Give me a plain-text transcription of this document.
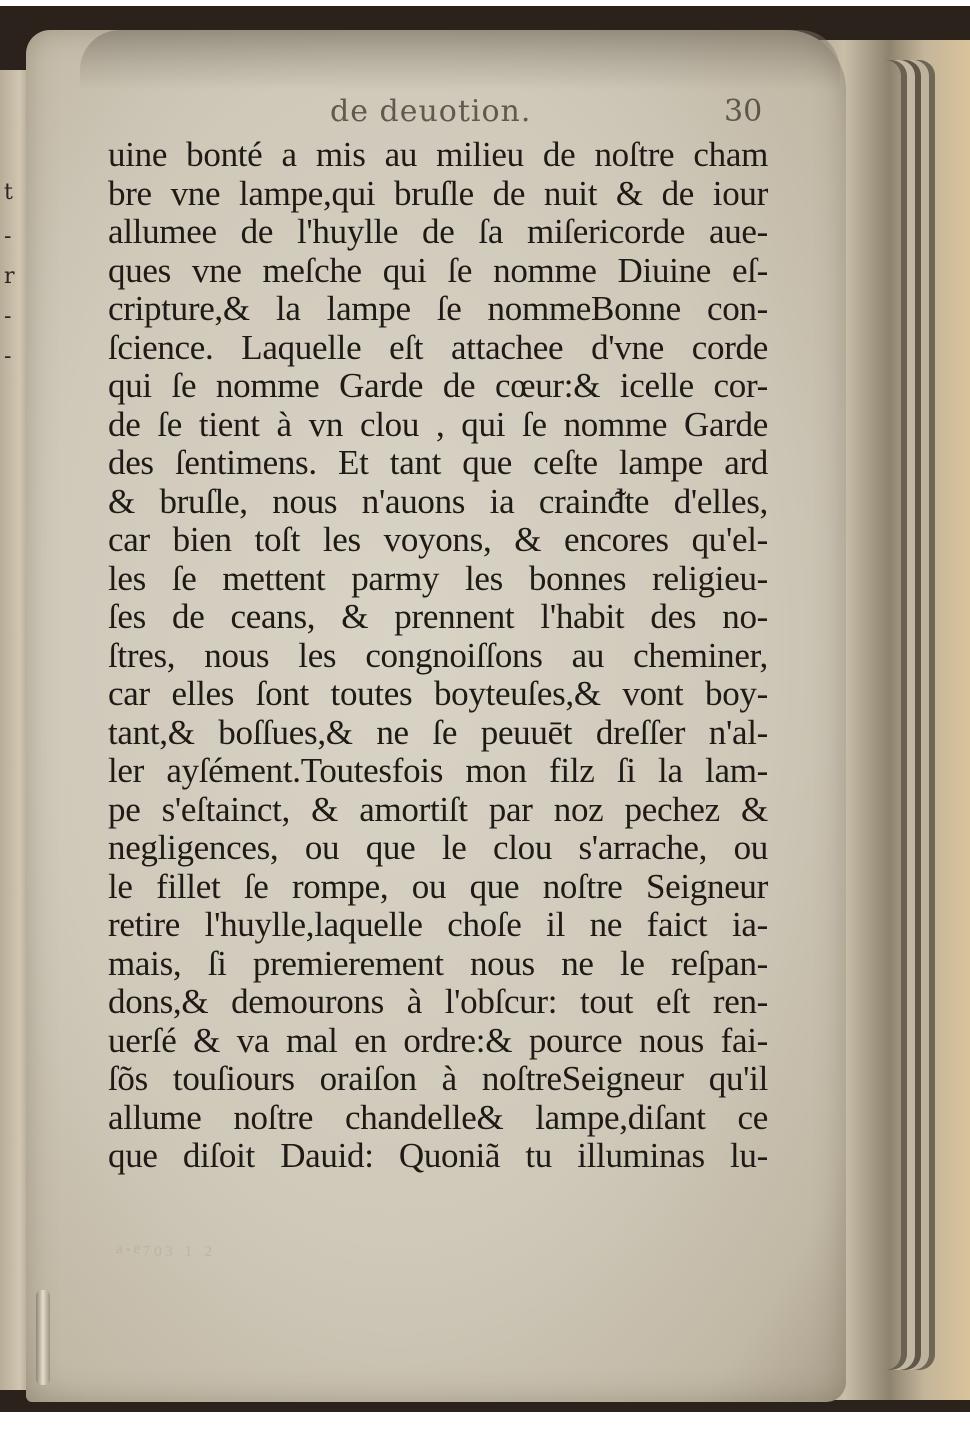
t
-
r
-
-
de deuotion.	30
uine bonté a mis au milieu de noſtre cham
bre vne lampe,qui bruſle de nuit & de iour
allumee de l'huylle de ſa miſericorde aue-
ques vne meſche qui ſe nomme Diuine eſ-
cripture,& la lampe ſe nommeBonne con-
ſcience. Laquelle eſt attachee d'vne corde
qui ſe nomme Garde de cœur:& icelle cor-
de ſe tient à vn clou , qui ſe nomme Garde
des ſentimens. Et tant que ceſte lampe ard
& bruſle, nous n'auons ia crainᵭte d'elles,
car bien toſt les voyons, & encores qu'el-
les ſe mettent parmy les bonnes religieu-
ſes de ceans, & prennent l'habit des no-
ſtres, nous les congnoiſſons au cheminer,
car elles ſont toutes boyteuſes,& vont boy-
tant,& boſſues,& ne ſe peuuēt dreſſer n'al-
ler ayſément.Toutesfois mon filz ſi la lam-
pe s'eſtainct, & amortiſt par noz pechez &
negligences, ou que le clou s'arrache, ou
le fillet ſe rompe, ou que noſtre Seigneur
retire l'huylle,laquelle choſe il ne faict ia-
mais, ſi premierement nous ne le reſpan-
dons,& demourons à l'obſcur: tout eſt ren-
uerſé & va mal en ordre:& pource nous fai-
ſõs touſiours oraiſon à noſtreSeigneur qu'il
allume noſtre chandelle& lampe,diſant ce
que diſoit Dauid: Quoniã tu illuminas lu-
ₐ.ₑ₇₀₃ ₁ ₂
